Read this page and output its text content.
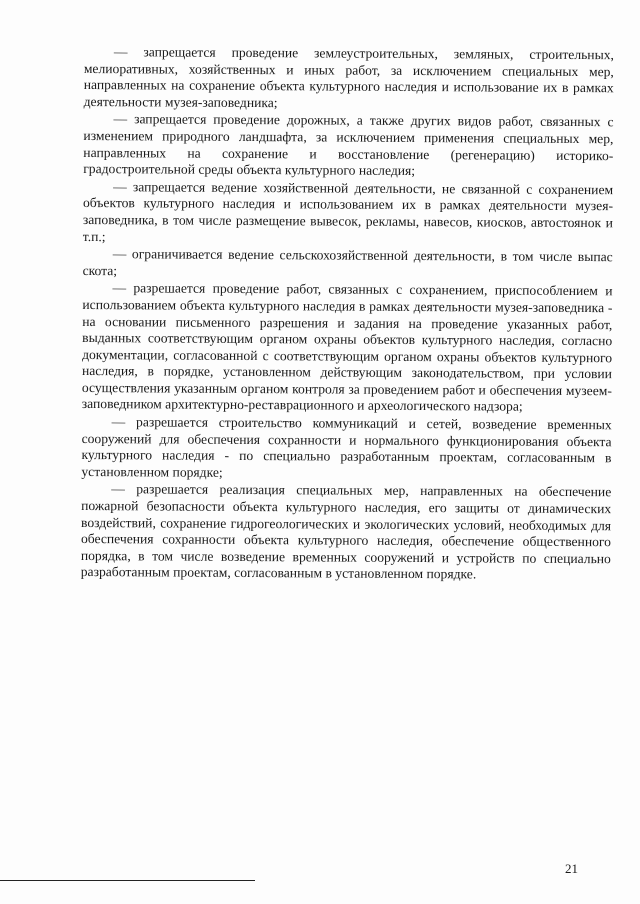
— запрещается проведение землеустроительных, земляных, строительных, мелиоративных, хозяйственных и иных работ, за исключением специальных мер, направленных на сохранение объекта культурного наследия и использование их в рамках деятельности музея-заповедника;

— запрещается проведение дорожных, а также других видов работ, связанных с изменением природного ландшафта, за исключением применения специальных мер, направленных на сохранение и восстановление (регенерацию) историко-градостроительной среды объекта культурного наследия;

— запрещается ведение хозяйственной деятельности, не связанной с сохранением объектов культурного наследия и использованием их в рамках деятельности музея-заповедника, в том числе размещение вывесок, рекламы, навесов, киосков, автостоянок и т.п.;

— ограничивается ведение сельскохозяйственной деятельности, в том числе выпас скота;

— разрешается проведение работ, связанных с сохранением, приспособлением и использованием объекта культурного наследия в рамках деятельности музея-заповедника - на основании письменного разрешения и задания на проведение указанных работ, выданных соответствующим органом охраны объектов культурного наследия, согласно документации, согласованной с соответствующим органом охраны объектов культурного наследия, в порядке, установленном действующим законодательством, при условии осуществления указанным органом контроля за проведением работ и обеспечения музеем-заповедником архитектурно-реставрационного и археологического надзора;

— разрешается строительство коммуникаций и сетей, возведение временных сооружений для обеспечения сохранности и нормального функционирования объекта культурного наследия - по специально разработанным проектам, согласованным в установленном порядке;

— разрешается реализация специальных мер, направленных на обеспечение пожарной безопасности объекта культурного наследия, его защиты от динамических воздействий, сохранение гидрогеологических и экологических условий, необходимых для обеспечения сохранности объекта культурного наследия, обеспечение общественного порядка, в том числе возведение временных сооружений и устройств по специально разработанным проектам, согласованным в установленном порядке.

21
